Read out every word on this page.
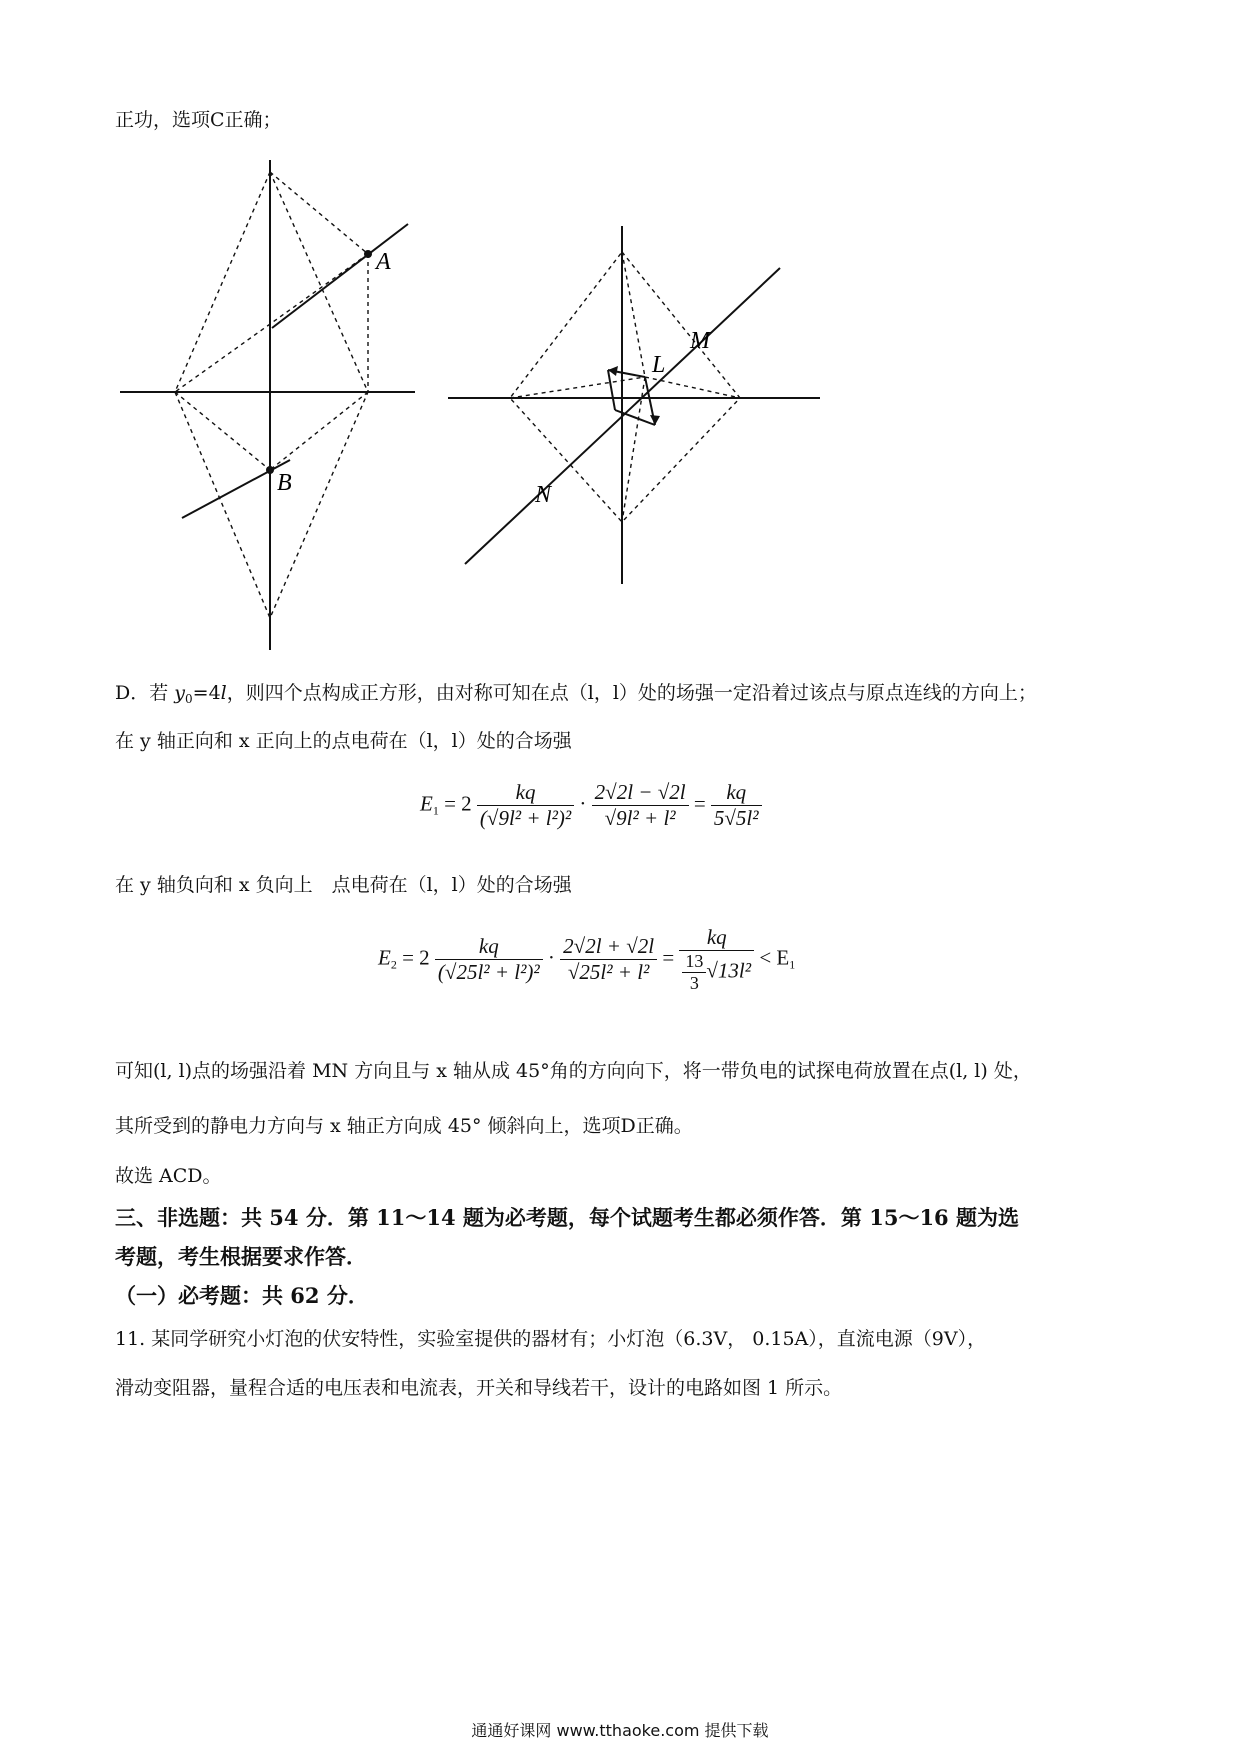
正功，选项C正确；
A
B
M
L
N
D．若 $y_0=4l$，则四个点构成正方形，由对称可知在点（l，l）处的场强一定沿着过该点与原点连线的方向上；
在 y 轴正向和 x 正向上的点电荷在（l，l）处的合场强
$E_1 = 2 \frac{kq}{\text{(√9l² + l²)²}} \cdot \frac{2√2l - √2l}{\text{√9l² + l²}} = \frac{kq}{\text{5√5l²}}$
在 y 轴负向和 x 负向上　点电荷在（l，l）处的合场强
$E_2 = 2 \frac{kq}{\text{(√25l² + l²)²}} \cdot \frac{2√2l + √2l}{\text{√25l² + l²}} = \frac{kq}{\frac{13}{3} √13l^2} < E_1$
可知(l, l)点的场强沿着 MN 方向且与 x 轴从成 45°角的方向向下，将一带负电的试探电荷放置在点(l, l) 处，
其所受到的静电力方向与 x 轴正方向成 45° 倾斜向上，选项D正确。
故选 ACD。
三、非选题：共 54 分．第 11～14 题为必考题，每个试题考生都必须作答．第 15～16 题为选
考题，考生根据要求作答．
（一）必考题：共 62 分．
11. 某同学研究小灯泡的伏安特性，实验室提供的器材有；小灯泡（6.3V， 0.15A），直流电源（9V），
滑动变阻器，量程合适的电压表和电流表，开关和导线若干，设计的电路如图 1 所示。
通通好课网 www.tthaoke.com 提供下载
